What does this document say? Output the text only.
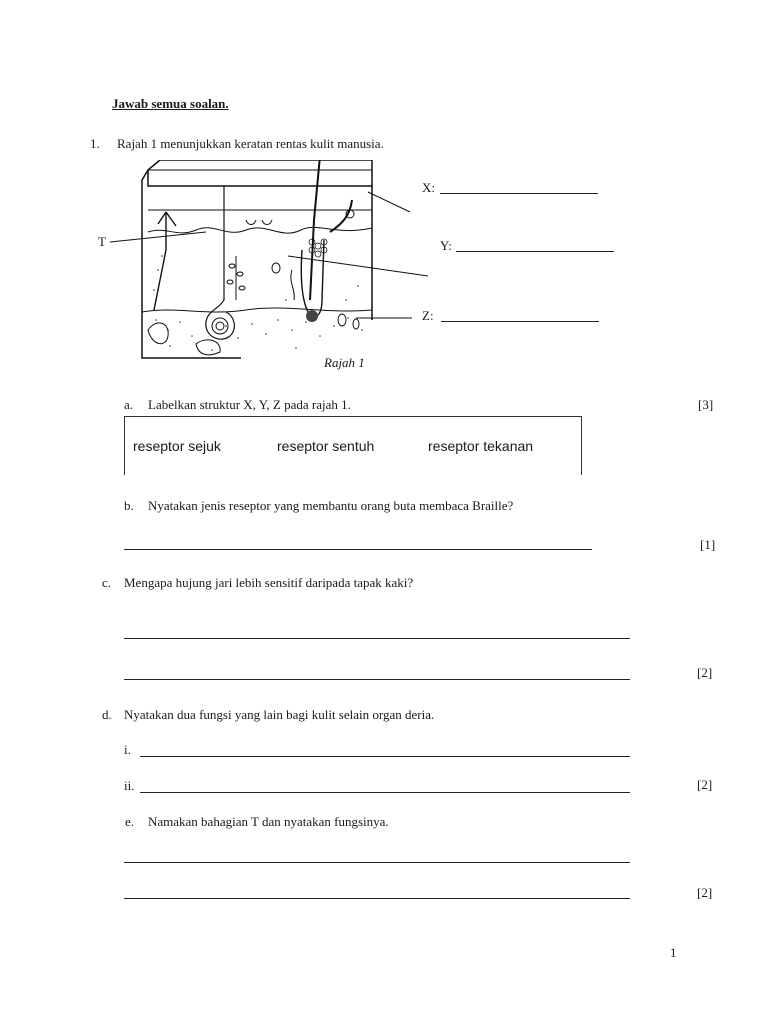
Jawab semua soalan.
1. Rajah 1 menunjukkan keratan rentas kulit manusia.
T
X:
Y:
Z:
Rajah 1
a. Labelkan struktur X, Y, Z pada rajah 1.	[3]
reseptor sejuk	reseptor sentuh	reseptor tekanan
b. Nyatakan jenis reseptor yang membantu orang buta membaca Braille?
[1]
c. Mengapa hujung jari lebih sensitif daripada tapak kaki?
[2]
d. Nyatakan dua fungsi yang lain bagi kulit selain organ deria.
i.
ii.	[2]
e. Namakan bahagian T dan nyatakan fungsinya.
[2]
1
